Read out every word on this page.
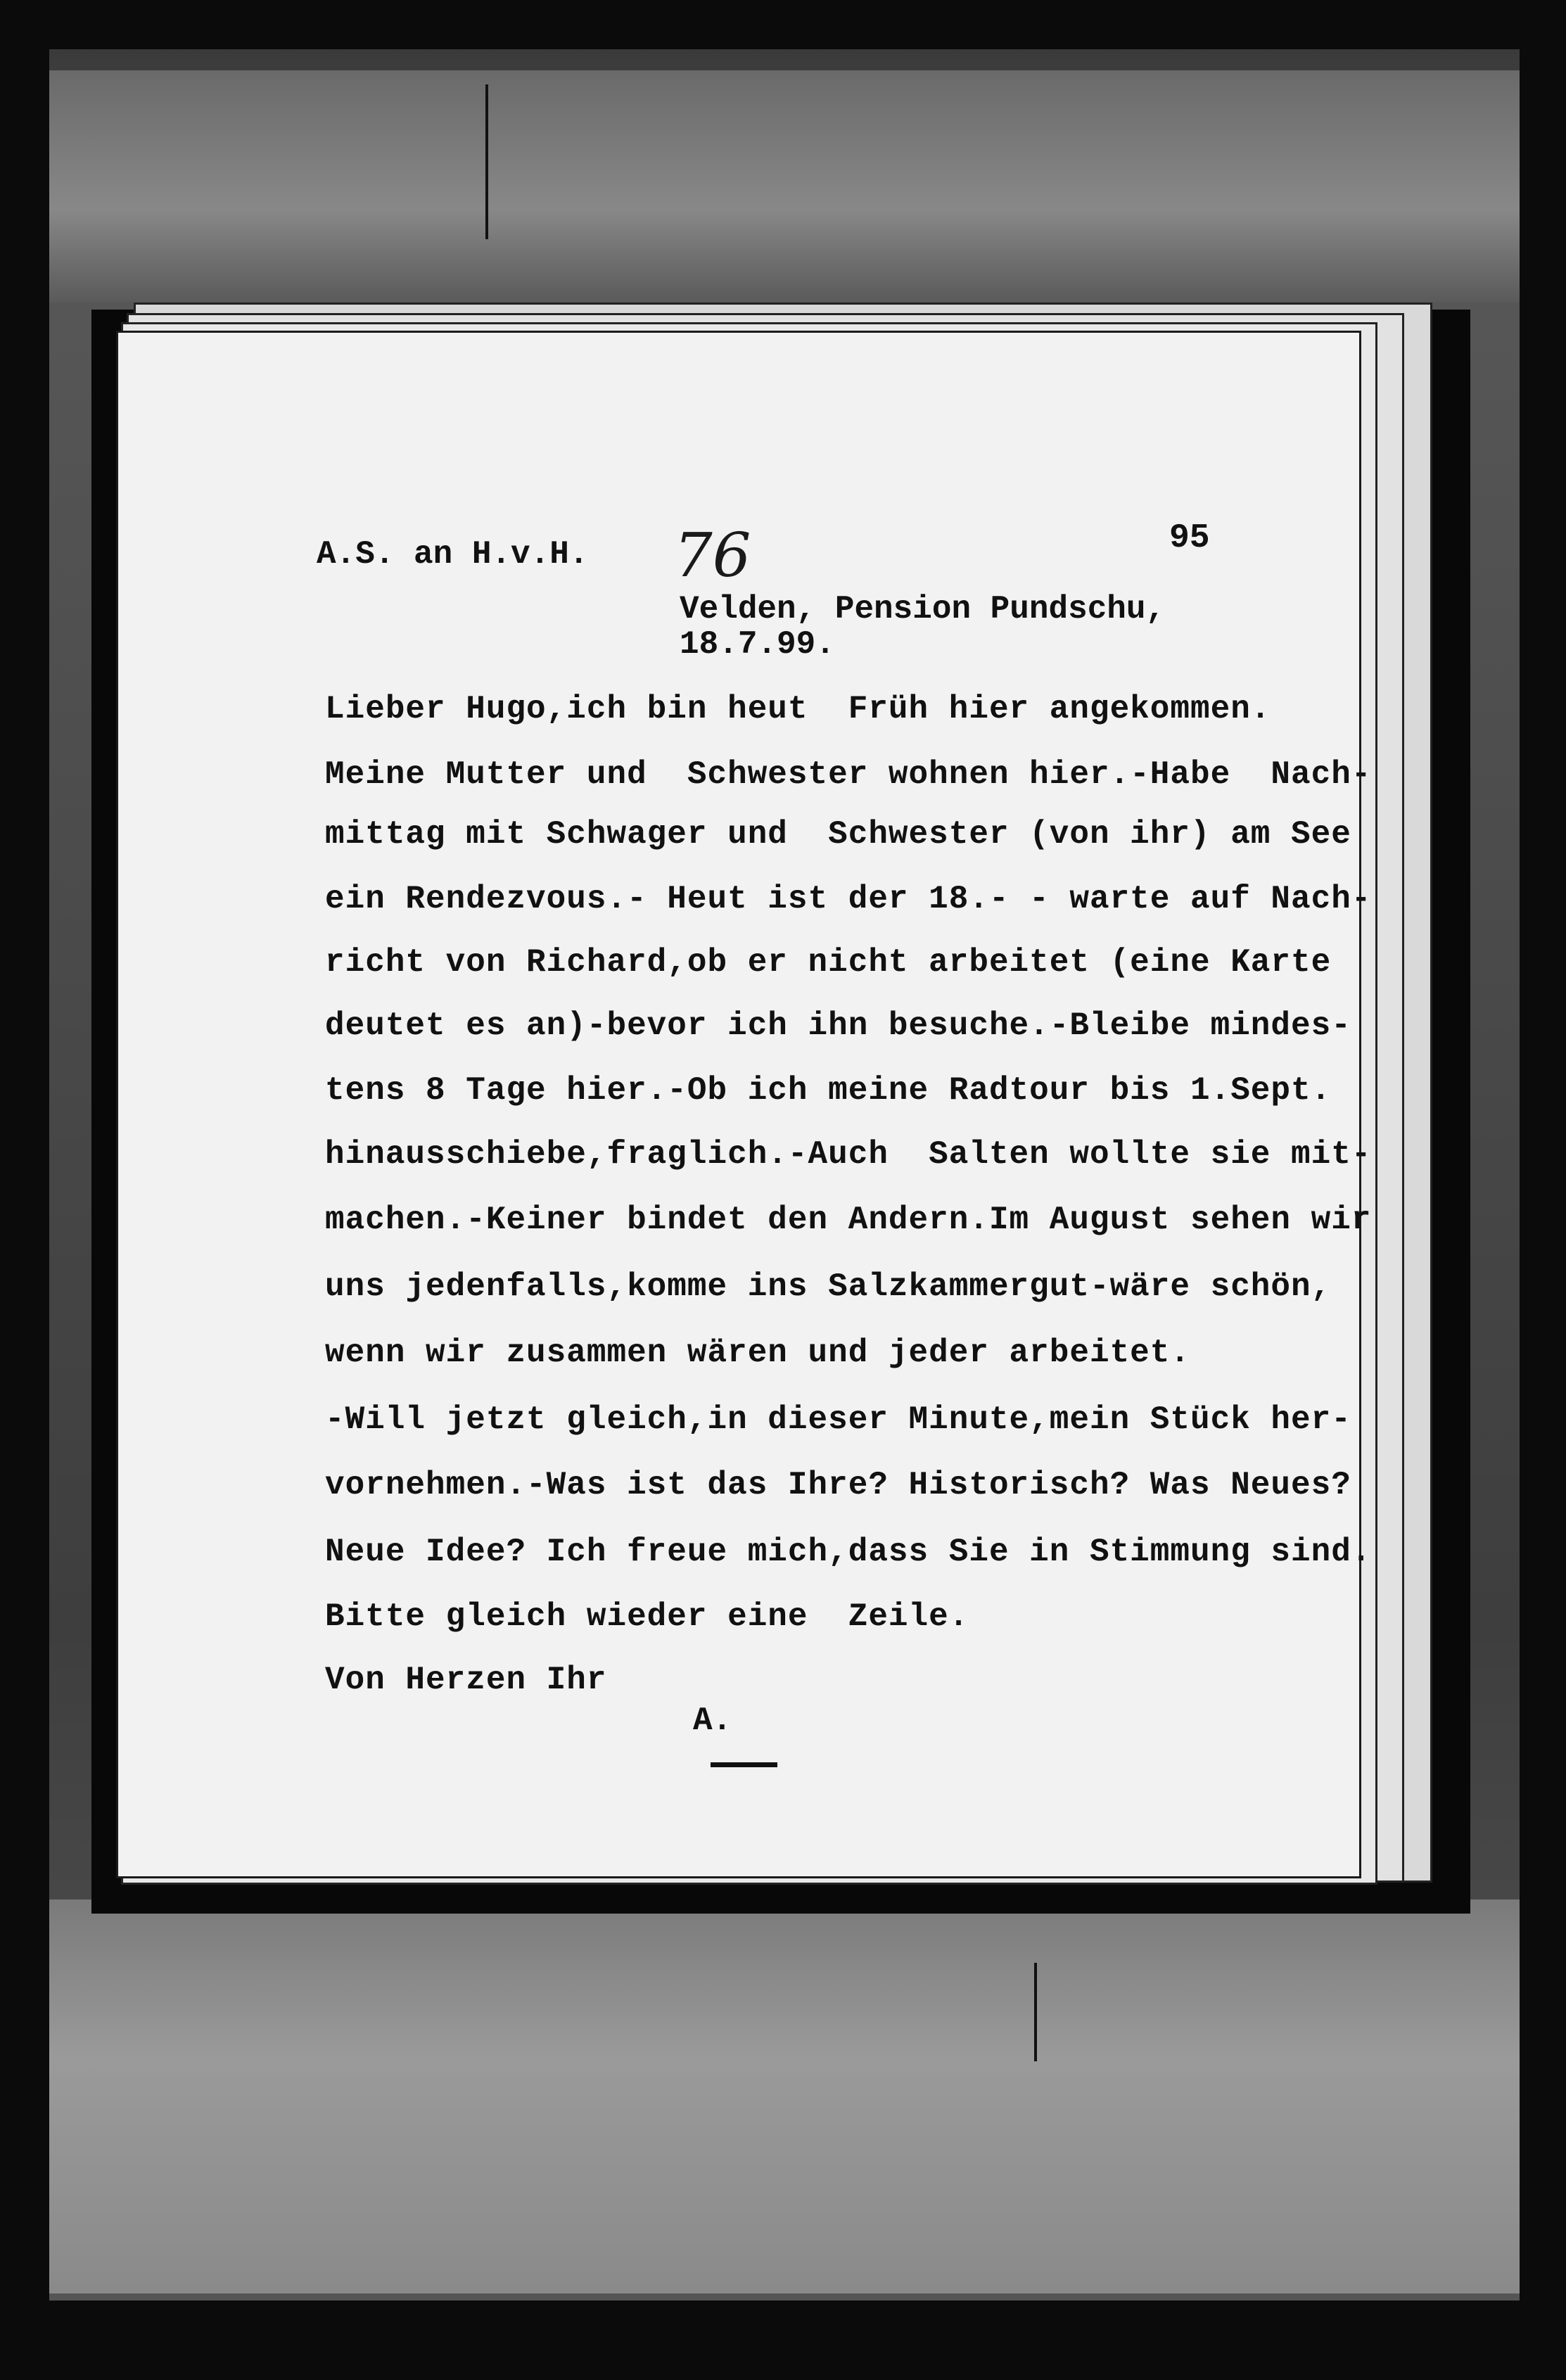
A.S. an H.v.H. 76	95
Velden, Pension Pundschu,
18.7.99.
Lieber Hugo,ich bin heut  Früh hier angekommen.
Meine Mutter und  Schwester wohnen hier.-Habe  Nach-
mittag mit Schwager und  Schwester (von ihr) am See
ein Rendezvous.- Heut ist der 18.- - warte auf Nach-
richt von Richard,ob er nicht arbeitet (eine Karte
deutet es an)-bevor ich ihn besuche.-Bleibe mindes-
tens 8 Tage hier.-Ob ich meine Radtour bis 1.Sept.
hinausschiebe,fraglich.-Auch  Salten wollte sie mit-
machen.-Keiner bindet den Andern.Im August sehen wir
uns jedenfalls,komme ins Salzkammergut-wäre schön,
wenn wir zusammen wären und jeder arbeitet.
-Will jetzt gleich,in dieser Minute,mein Stück her-
vornehmen.-Was ist das Ihre? Historisch? Was Neues?
Neue Idee? Ich freue mich,dass Sie in Stimmung sind.
Bitte gleich wieder eine  Zeile.
Von Herzen Ihr
A.
